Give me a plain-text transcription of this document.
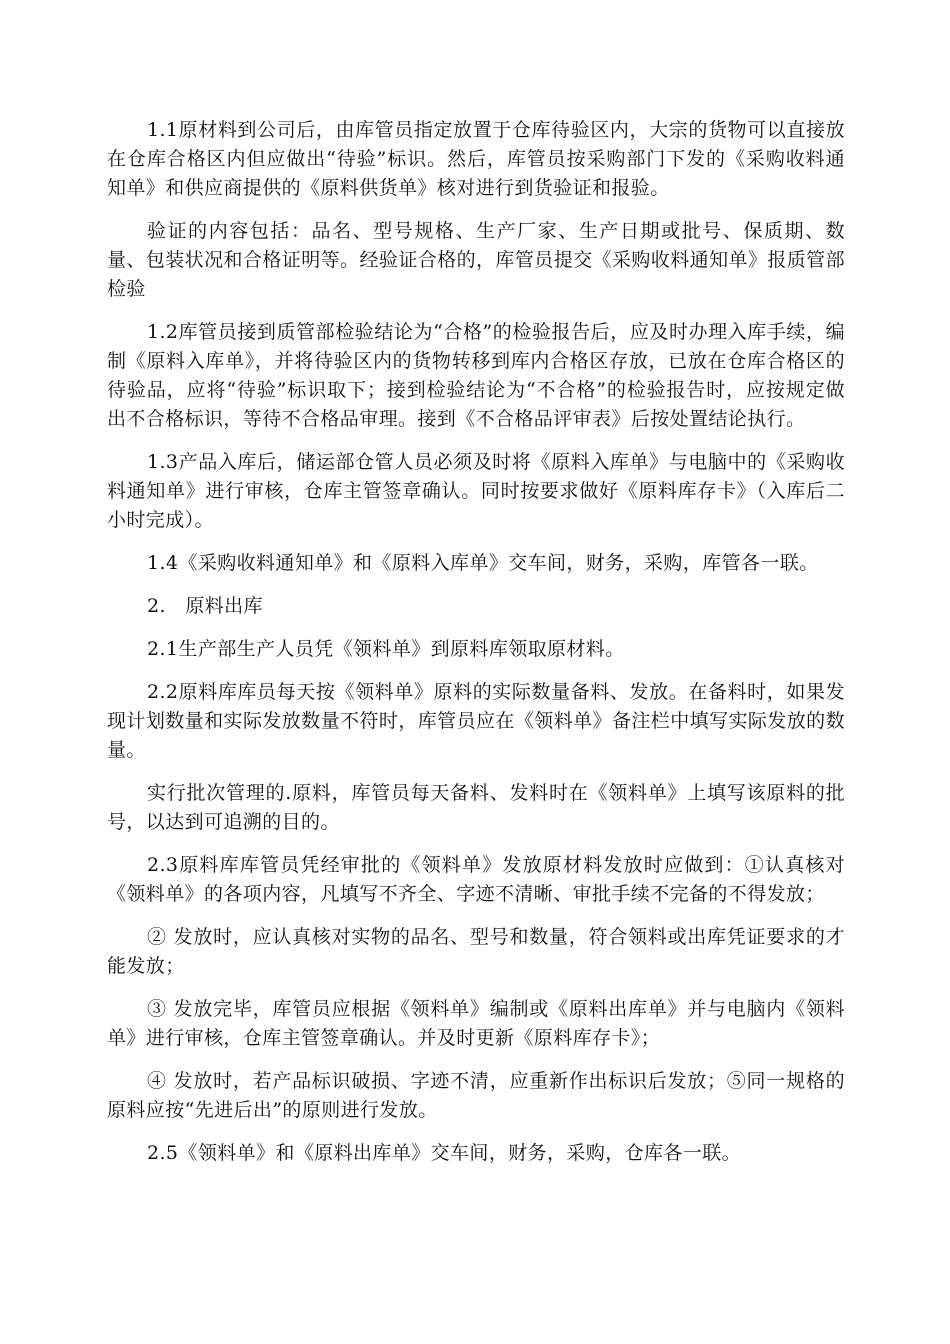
1.1原材料到公司后，由库管员指定放置于仓库待验区内，大宗的货物可以直接放在仓库合格区内但应做出“待验”标识。然后，库管员按采购部门下发的《采购收料通知单》和供应商提供的《原料供货单》核对进行到货验证和报验。

验证的内容包括：品名、型号规格、生产厂家、生产日期或批号、保质期、数量、包装状况和合格证明等。经验证合格的，库管员提交《采购收料通知单》报质管部检验

1.2库管员接到质管部检验结论为“合格”的检验报告后，应及时办理入库手续，编制《原料入库单》，并将待验区内的货物转移到库内合格区存放，已放在仓库合格区的待验品，应将“待验”标识取下；接到检验结论为“不合格”的检验报告时，应按规定做出不合格标识，等待不合格品审理。接到《不合格品评审表》后按处置结论执行。

1.3产品入库后，储运部仓管人员必须及时将《原料入库单》与电脑中的《采购收料通知单》进行审核，仓库主管签章确认。同时按要求做好《原料库存卡》（入库后二小时完成）。

1.4《采购收料通知单》和《原料入库单》交车间，财务，采购，库管各一联。

2.　原料出库

2.1生产部生产人员凭《领料单》到原料库领取原材料。

2.2原料库库员每天按《领料单》原料的实际数量备料、发放。在备料时，如果发现计划数量和实际发放数量不符时，库管员应在《领料单》备注栏中填写实际发放的数量。

实行批次管理的.原料，库管员每天备料、发料时在《领料单》上填写该原料的批号，以达到可追溯的目的。

2.3原料库库管员凭经审批的《领料单》发放原材料发放时应做到：①认真核对《领料单》的各项内容，凡填写不齐全、字迹不清晰、审批手续不完备的不得发放；

② 发放时，应认真核对实物的品名、型号和数量，符合领料或出库凭证要求的才能发放；

③ 发放完毕，库管员应根据《领料单》编制或《原料出库单》并与电脑内《领料单》进行审核，仓库主管签章确认。并及时更新《原料库存卡》；

④ 发放时，若产品标识破损、字迹不清，应重新作出标识后发放；⑤同一规格的原料应按“先进后出”的原则进行发放。

2.5《领料单》和《原料出库单》交车间，财务，采购，仓库各一联。
